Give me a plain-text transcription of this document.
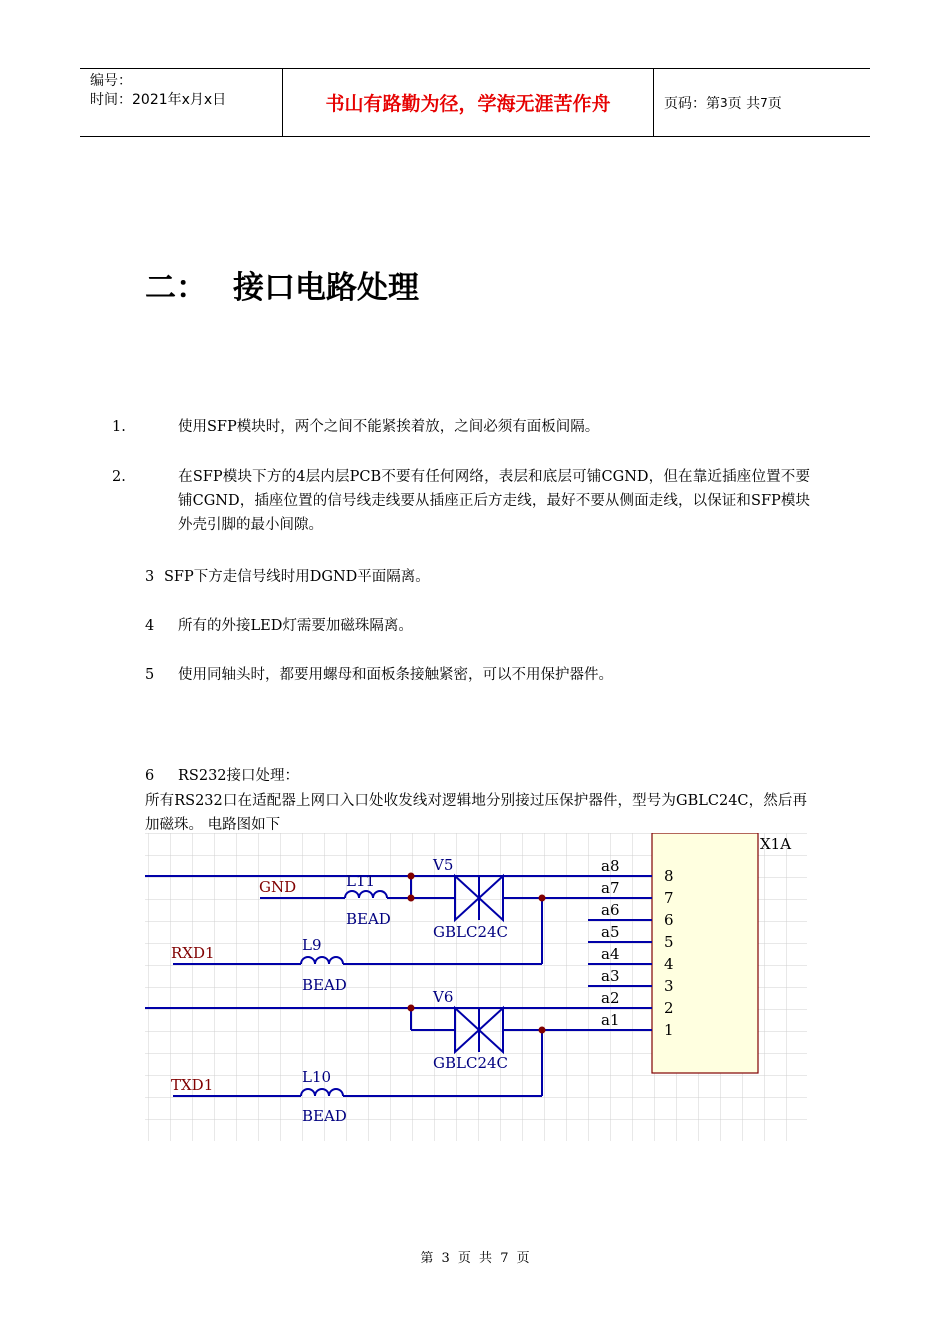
编号：
时间：2021年x月x日	书山有路勤为径，学海无涯苦作舟	页码：第 3 页 共 7 页
二： 接口电路处理

1.	使用SFP模块时，两个之间不能紧挨着放，之间必须有面板间隔。

2.	在SFP模块下方的4层内层PCB不要有任何网络，表层和底层可铺CGND，但在靠近插座位置不要铺CGND，插座位置的信号线走线要从插座正后方走线，最好不要从侧面走线，以保证和SFP模块外壳引脚的最小间隙。

3 SFP下方走信号线时用DGND平面隔离。

4 所有的外接LED灯需要加磁珠隔离。

5 使用同轴头时，都要用螺母和面板条接触紧密，可以不用保护器件。

6 RS232接口处理：

所有RS232口在适配器上网口入口处收发线对逻辑地分别接过压保护器件，型号为GBLC24C，然后再加磁珠。 电路图如下

X1A
a8
a7
a6
a5
a4
a3
a2
a1
8
7
6
5
4
3
2
1
GND
RXD1
TXD1
L11
BEAD
V5
GBLC24C
L9
BEAD
V6
GBLC24C
L10
BEAD
第 3 页 共 7 页
